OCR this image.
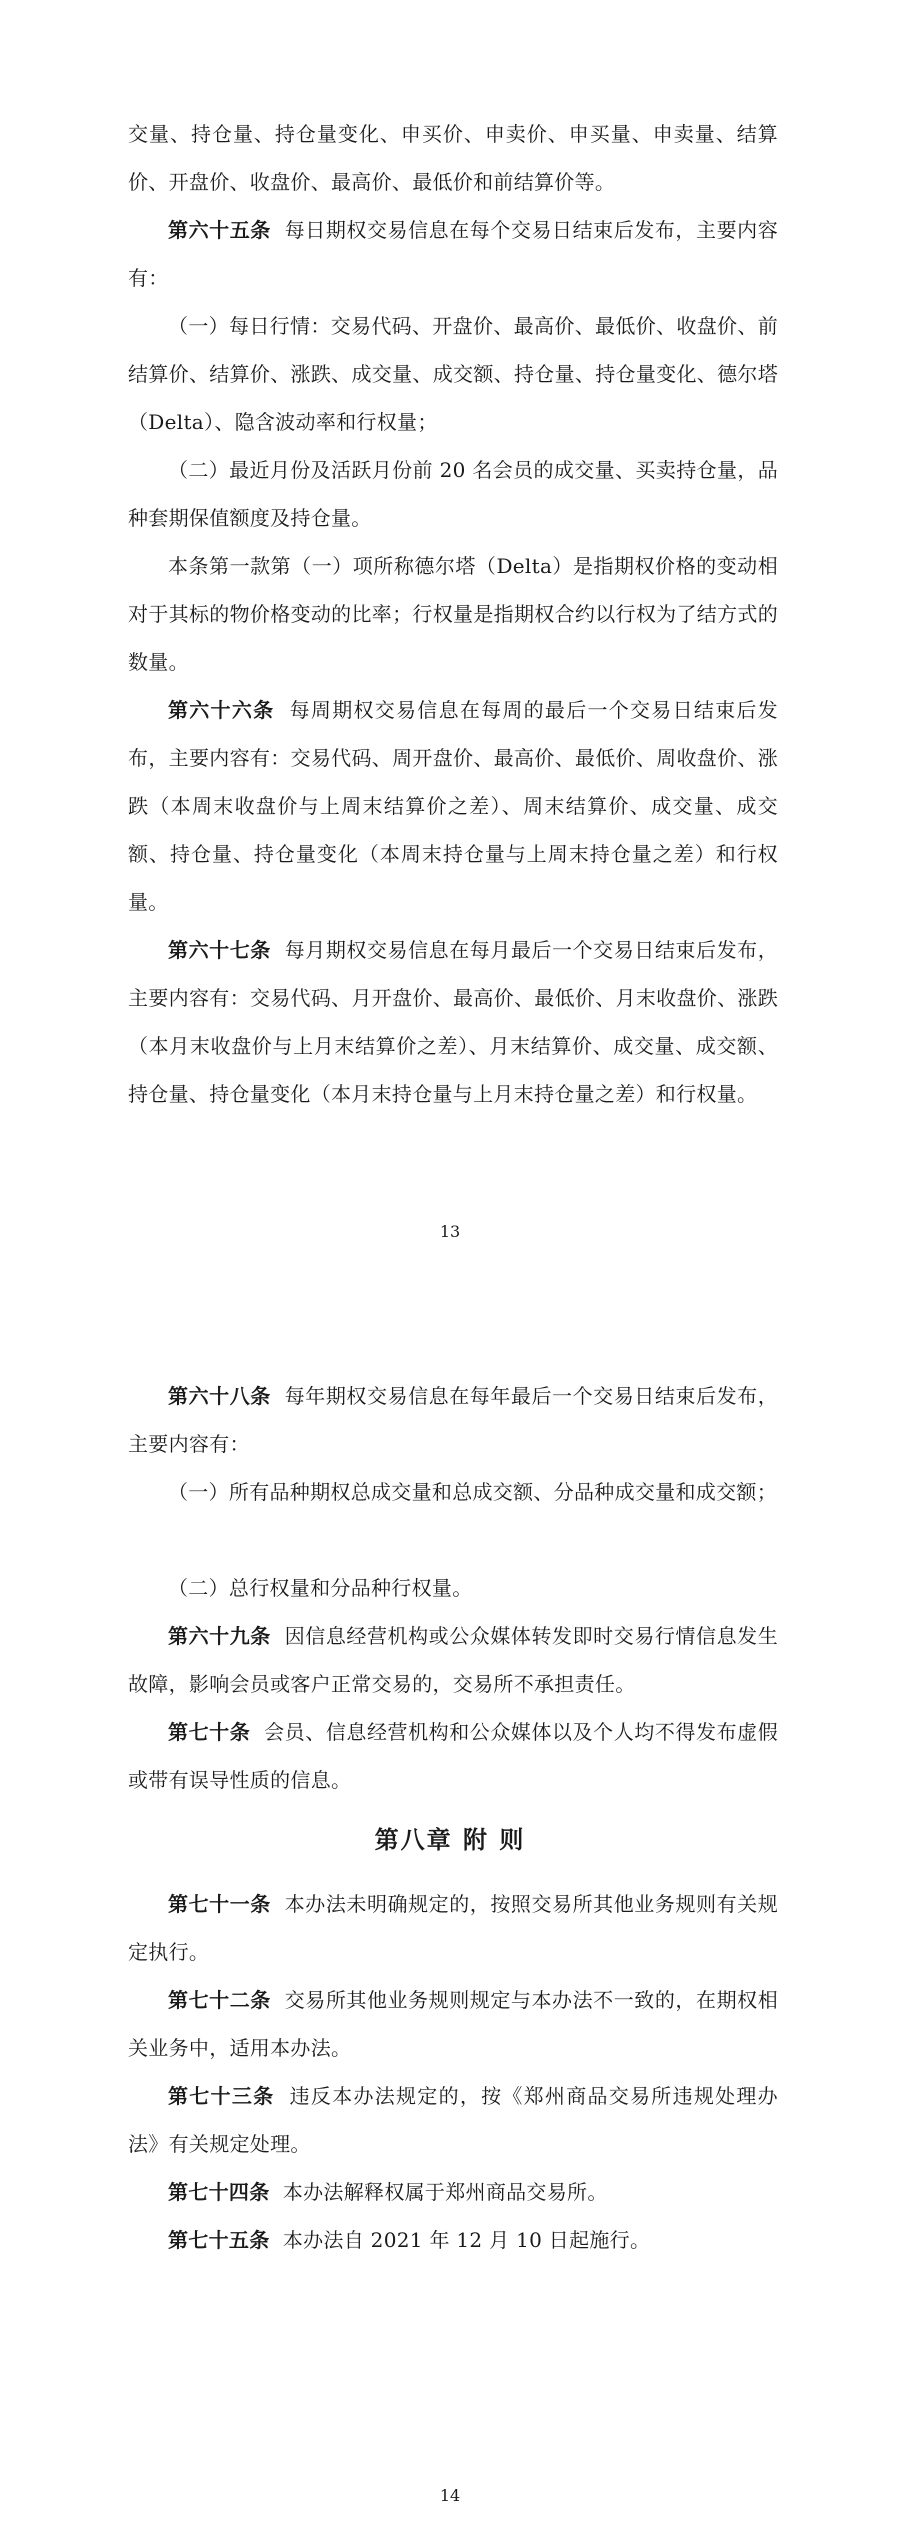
交量、持仓量、持仓量变化、申买价、申卖价、申买量、申卖量、结算价、开盘价、收盘价、最高价、最低价和前结算价等。

第六十五条 每日期权交易信息在每个交易日结束后发布，主要内容有：

（一）每日行情：交易代码、开盘价、最高价、最低价、收盘价、前结算价、结算价、涨跌、成交量、成交额、持仓量、持仓量变化、德尔塔（Delta）、隐含波动率和行权量；

（二）最近月份及活跃月份前 20 名会员的成交量、买卖持仓量，品种套期保值额度及持仓量。

本条第一款第（一）项所称德尔塔（Delta）是指期权价格的变动相对于其标的物价格变动的比率；行权量是指期权合约以行权为了结方式的数量。

第六十六条 每周期权交易信息在每周的最后一个交易日结束后发布，主要内容有：交易代码、周开盘价、最高价、最低价、周收盘价、涨跌（本周末收盘价与上周末结算价之差）、周末结算价、成交量、成交额、持仓量、持仓量变化（本周末持仓量与上周末持仓量之差）和行权量。

第六十七条 每月期权交易信息在每月最后一个交易日结束后发布，主要内容有：交易代码、月开盘价、最高价、最低价、月末收盘价、涨跌（本月末收盘价与上月末结算价之差）、月末结算价、成交量、成交额、持仓量、持仓量变化（本月末持仓量与上月末持仓量之差）和行权量。

13

第六十八条 每年期权交易信息在每年最后一个交易日结束后发布，主要内容有：

（一）所有品种期权总成交量和总成交额、分品种成交量和成交额；

（二）总行权量和分品种行权量。

第六十九条 因信息经营机构或公众媒体转发即时交易行情信息发生故障，影响会员或客户正常交易的，交易所不承担责任。

第七十条 会员、信息经营机构和公众媒体以及个人均不得发布虚假或带有误导性质的信息。

第八章 附 则

第七十一条 本办法未明确规定的，按照交易所其他业务规则有关规定执行。

第七十二条 交易所其他业务规则规定与本办法不一致的，在期权相关业务中，适用本办法。

第七十三条 违反本办法规定的，按《郑州商品交易所违规处理办法》有关规定处理。

第七十四条 本办法解释权属于郑州商品交易所。

第七十五条 本办法自 2021 年 12 月 10 日起施行。

14
